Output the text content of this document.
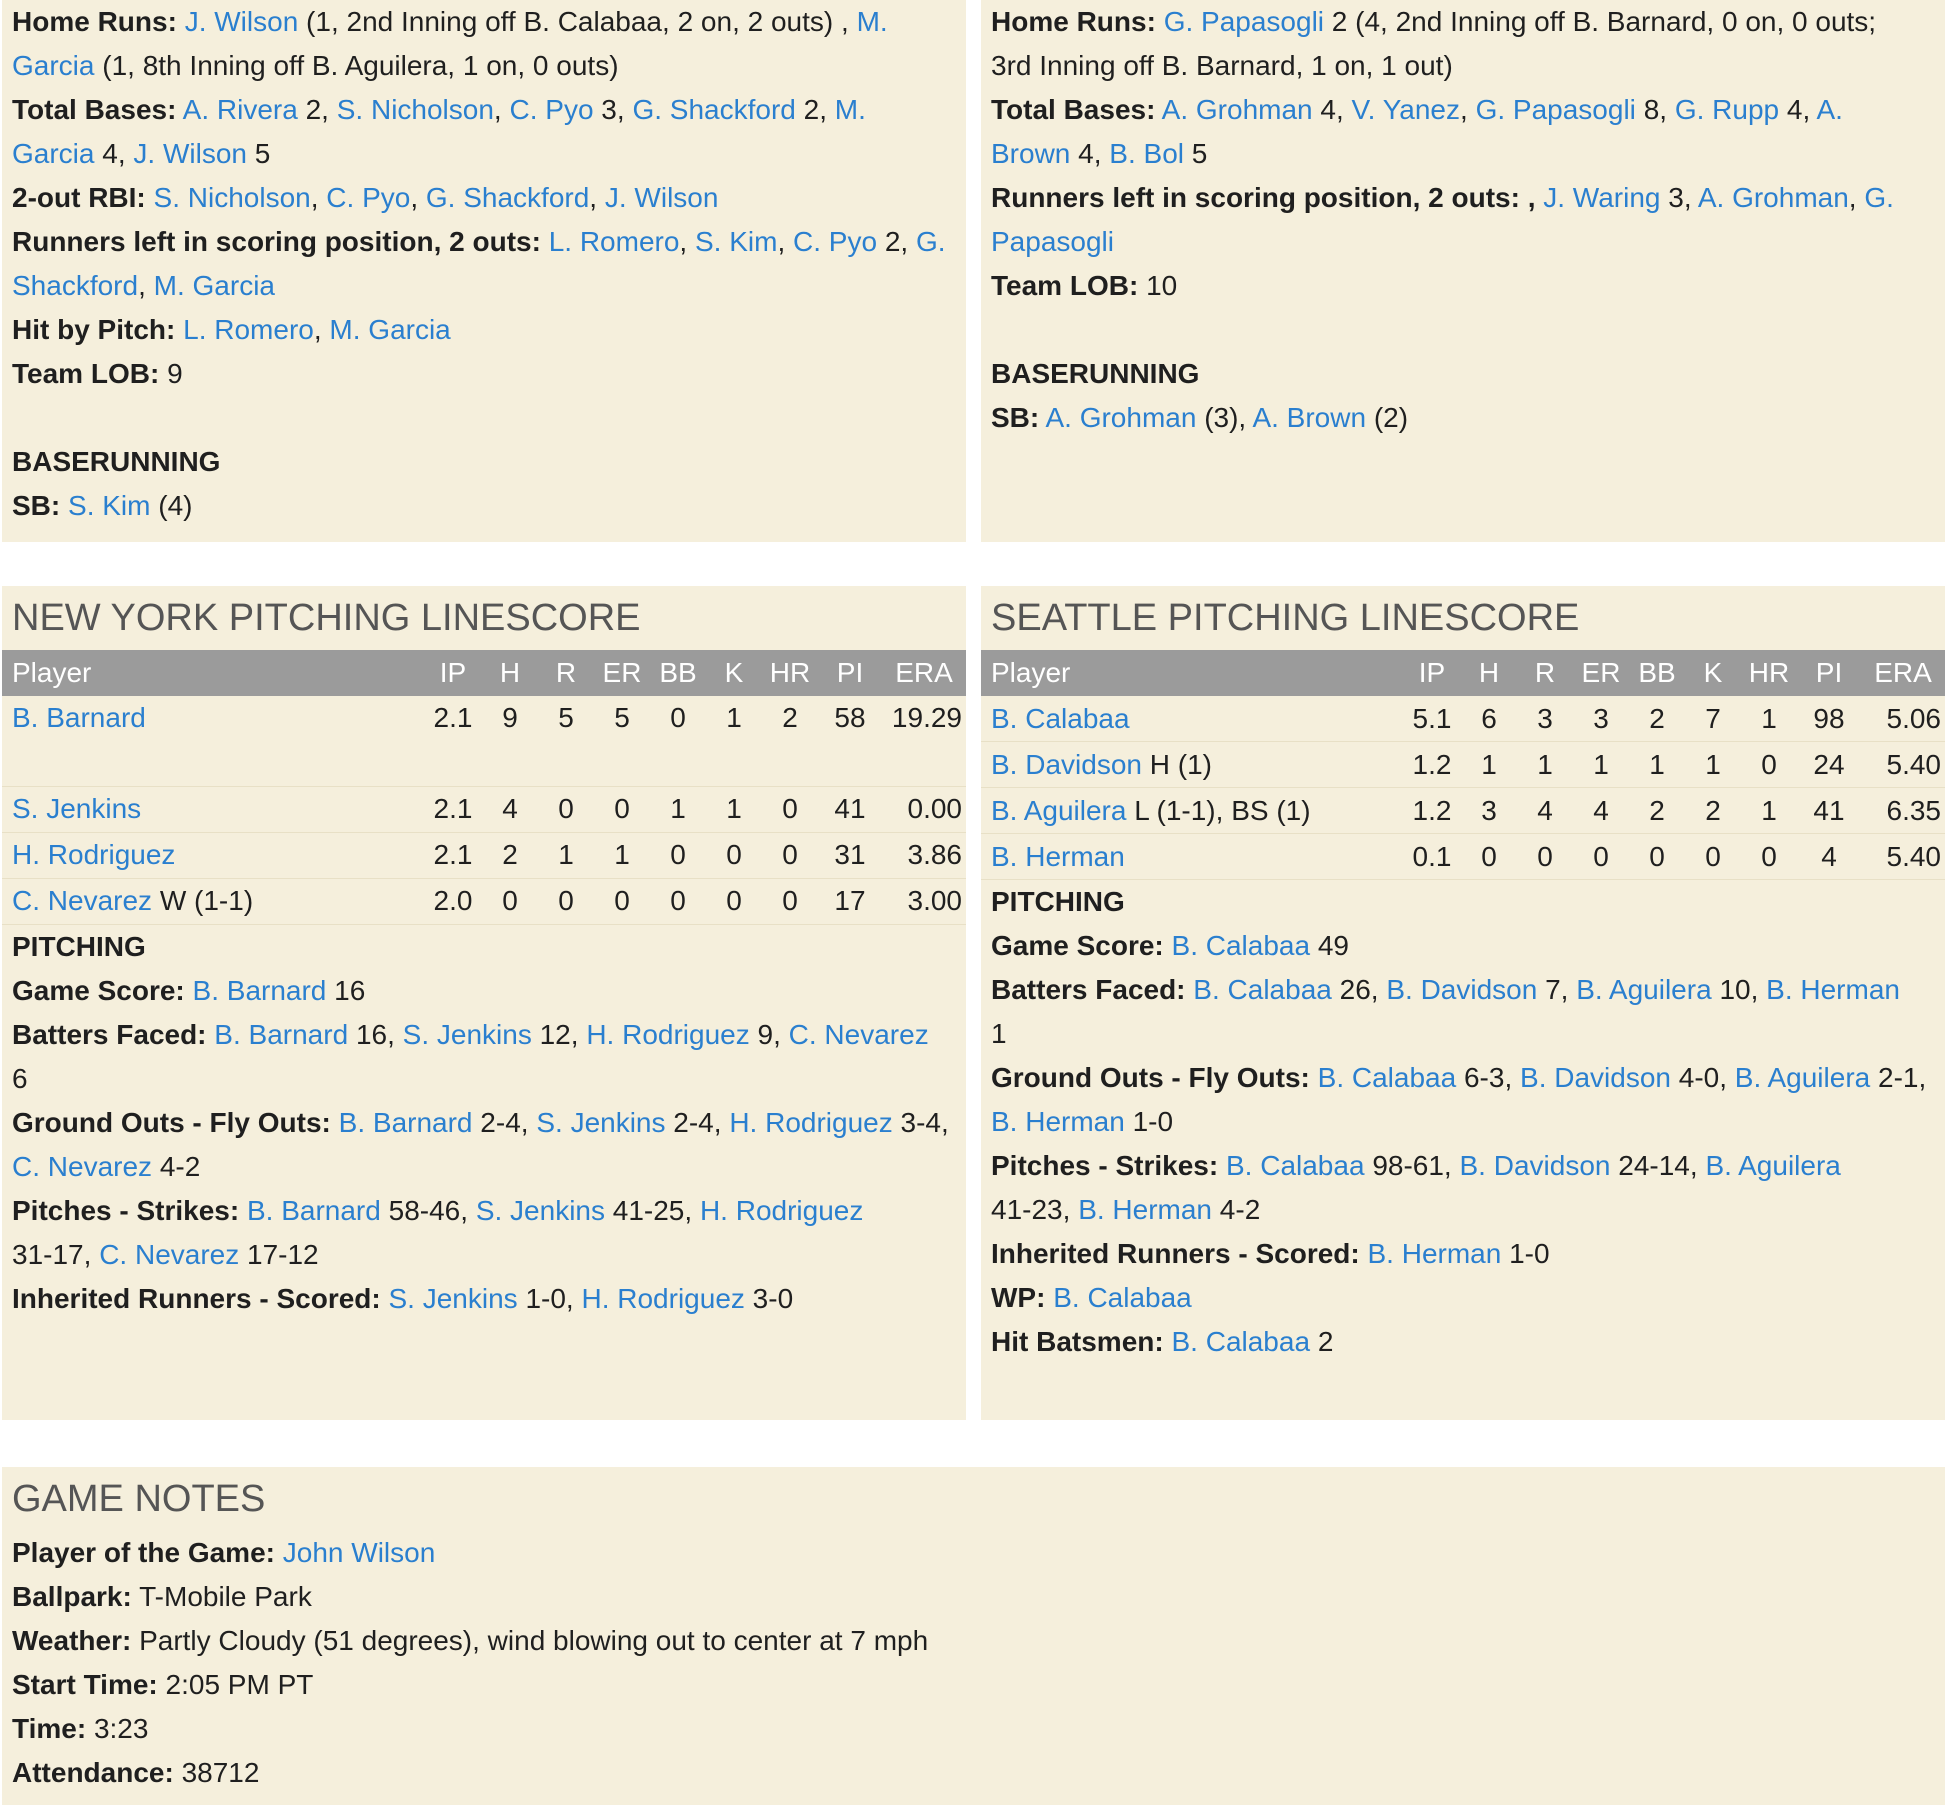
Home Runs: J. Wilson (1, 2nd Inning off B. Calabaa, 2 on, 2 outs) , M.
Garcia (1, 8th Inning off B. Aguilera, 1 on, 0 outs)
Total Bases: A. Rivera 2, S. Nicholson, C. Pyo 3, G. Shackford 2, M.
Garcia 4, J. Wilson 5
2-out RBI: S. Nicholson, C. Pyo, G. Shackford, J. Wilson
Runners left in scoring position, 2 outs: L. Romero, S. Kim, C. Pyo 2, G.
Shackford, M. Garcia
Hit by Pitch: L. Romero, M. Garcia
Team LOB: 9
BASERUNNING
SB: S. Kim (4)
Home Runs: G. Papasogli 2 (4, 2nd Inning off B. Barnard, 0 on, 0 outs;
3rd Inning off B. Barnard, 1 on, 1 out)
Total Bases: A. Grohman 4, V. Yanez, G. Papasogli 8, G. Rupp 4, A.
Brown 4, B. Bol 5
Runners left in scoring position, 2 outs: , J. Waring 3, A. Grohman, G.
Papasogli
Team LOB: 10
BASERUNNING
SB: A. Grohman (3), A. Brown (2)
NEW YORK PITCHING LINESCORE
Player	IP	H	R	ER	BB	K	HR	PI	ERA
B. Barnard	2.1	9	5	5	0	1	2	58	19.29
S. Jenkins	2.1	4	0	0	1	1	0	41	0.00
H. Rodriguez	2.1	2	1	1	0	0	0	31	3.86
C. Nevarez W (1-1)	2.0	0	0	0	0	0	0	17	3.00
PITCHING
Game Score: B. Barnard 16
Batters Faced: B. Barnard 16, S. Jenkins 12, H. Rodriguez 9, C. Nevarez
6
Ground Outs - Fly Outs: B. Barnard 2-4, S. Jenkins 2-4, H. Rodriguez 3-4,
C. Nevarez 4-2
Pitches - Strikes: B. Barnard 58-46, S. Jenkins 41-25, H. Rodriguez
31-17, C. Nevarez 17-12
Inherited Runners - Scored: S. Jenkins 1-0, H. Rodriguez 3-0
SEATTLE PITCHING LINESCORE
Player	IP	H	R	ER	BB	K	HR	PI	ERA
B. Calabaa	5.1	6	3	3	2	7	1	98	5.06
B. Davidson H (1)	1.2	1	1	1	1	1	0	24	5.40
B. Aguilera L (1-1), BS (1)	1.2	3	4	4	2	2	1	41	6.35
B. Herman	0.1	0	0	0	0	0	0	4	5.40
PITCHING
Game Score: B. Calabaa 49
Batters Faced: B. Calabaa 26, B. Davidson 7, B. Aguilera 10, B. Herman
1
Ground Outs - Fly Outs: B. Calabaa 6-3, B. Davidson 4-0, B. Aguilera 2-1,
B. Herman 1-0
Pitches - Strikes: B. Calabaa 98-61, B. Davidson 24-14, B. Aguilera
41-23, B. Herman 4-2
Inherited Runners - Scored: B. Herman 1-0
WP: B. Calabaa
Hit Batsmen: B. Calabaa 2
GAME NOTES
Player of the Game: John Wilson
Ballpark: T-Mobile Park
Weather: Partly Cloudy (51 degrees), wind blowing out to center at 7 mph
Start Time: 2:05 PM PT
Time: 3:23
Attendance: 38712
